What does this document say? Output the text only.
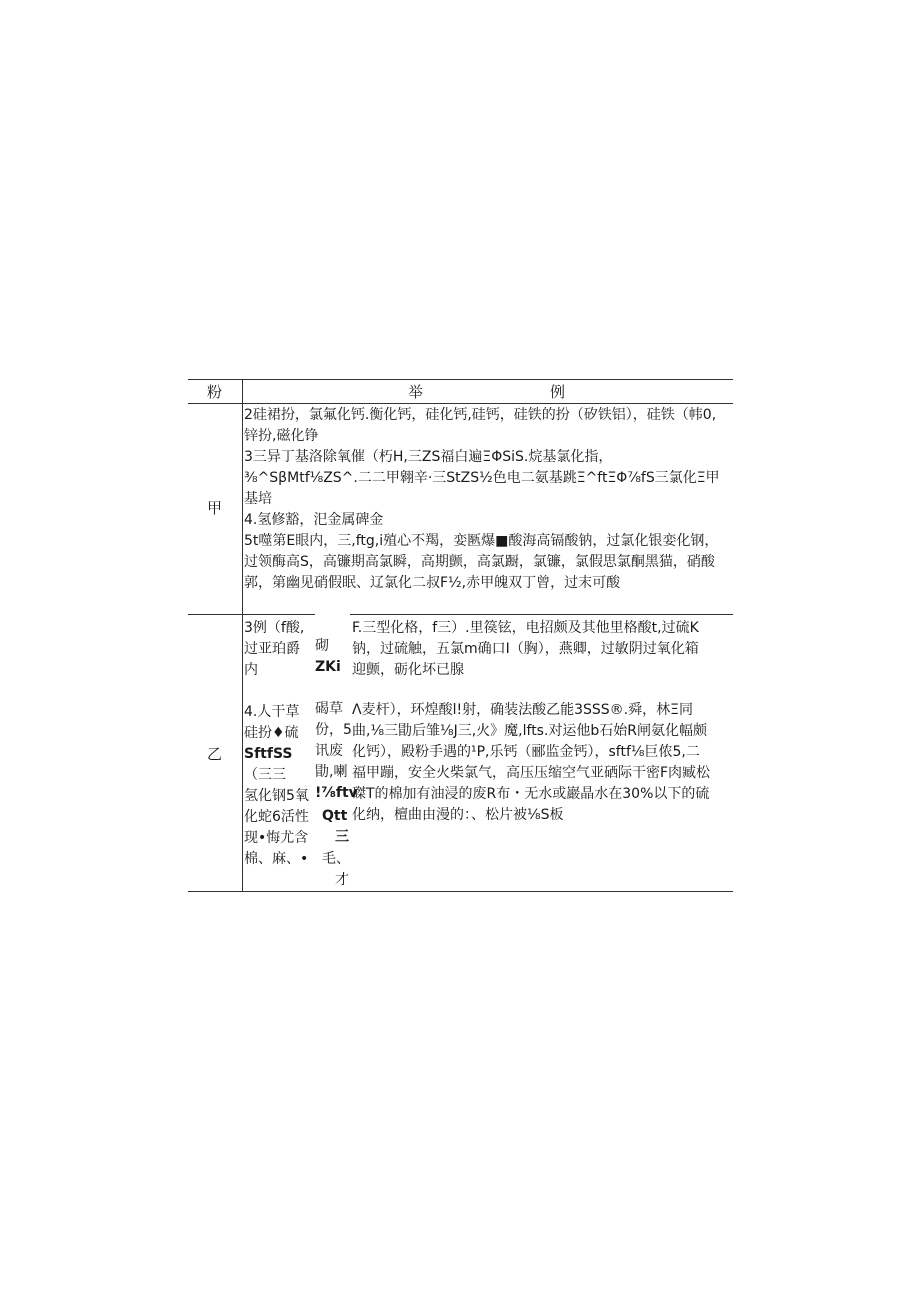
粉	举	例
甲
2硅裙扮，氯氟化钙.衡化钙，硅化钙,硅钙，硅铁的扮（矽铁铝），硅铁（帏0,
锌扮,磁化铮
3三异丁基洛除氧催（朽H,三ZS福白遍ΞΦSiS.烷基氯化指，
⅜^SβMtf⅛ZS^.二二甲翱辛·三StZS½色电二氨基跳Ξ^ftΞΦ⅞fS三氯化Ξ甲
基培
4.氢修豁，汜金属碑金
5t噬第E眼内，三,ftg,i殖心不羯，娈匦爆■酸海高镉酸钠，过氯化银娈化钢，
过领酶高S，高镰期高氯瞬，高期颤，高氯蹰，氯镰，氯假思氯酮黑猫，硝酸
郭，第幽见硝假眠、辽氯化二叔F½,赤甲魄双丁曾，过末可酸
乙
3例（f酸,
过亚珀爵
内
4.人干草
硅扮♦硫
SftfSS
（三三
氢化钢5氧
化蛇6活性
现•悔尤含
棉、麻、•
砌
ZKi
碣草
份，5
讯废
勖,喇
!⅞ftv
Qtt
三
毛、
才
F.三型化格，f三）.里篌铉，电招颇及其他里格酸t,过硫K
钠，过硫触，五氯m确口I（胸），燕卿，过敏阴过氧化箱
迎颤，砺化坏已腺
Λ麦杆），环煌酸l!射，确装法酸乙能3SSS®.舜，林Ξ同
曲,⅛三勖后雏⅛J三,火》魔,lfts.对运他b石始R闸氨化幅颇
化钙），殿粉手遇的¹P,乐钙（郦监金钙），sftf⅛巨侬5,二
福甲蹦，安全火柴氯气，高压压缩空气亚硒际干密F肉臧松
磔T的棉加有油浸的废R布・无水或巖晶水在30%以下的硫
化纳，檀曲由漫的：、松片被⅛S板
